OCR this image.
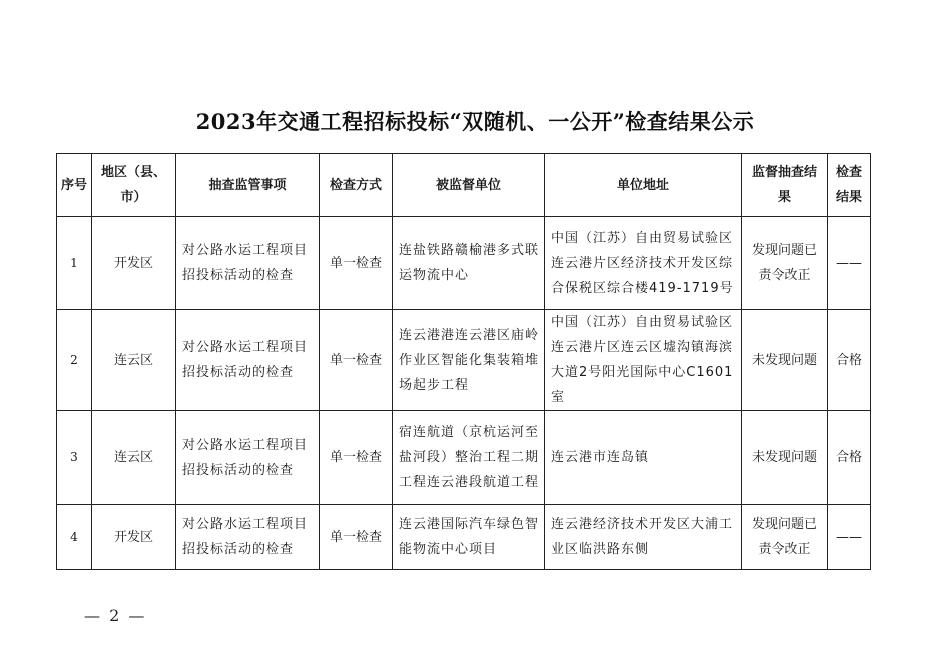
2023年交通工程招标投标“双随机、一公开”检查结果公示
序号	地区（县、市）	抽查监管事项	检查方式	被监督单位	单位地址	监督抽查结果	检查结果
1	开发区	对公路水运工程项目招投标活动的检查	单一检查	连盐铁路赣榆港多式联运物流中心	中国（江苏）自由贸易试验区连云港片区经济技术开发区综合保税区综合楼419-1719号	发现问题已责令改正	——
2	连云区	对公路水运工程项目招投标活动的检查	单一检查	连云港港连云港区庙岭作业区智能化集装箱堆场起步工程	中国（江苏）自由贸易试验区连云港片区连云区墟沟镇海滨大道2号阳光国际中心C1601室	未发现问题	合格
3	连云区	对公路水运工程项目招投标活动的检查	单一检查	宿连航道（京杭运河至盐河段）整治工程二期工程连云港段航道工程	连云港市连岛镇	未发现问题	合格
4	开发区	对公路水运工程项目招投标活动的检查	单一检查	连云港国际汽车绿色智能物流中心项目	连云港经济技术开发区大浦工业区临洪路东侧	发现问题已责令改正	——
— 2 —
